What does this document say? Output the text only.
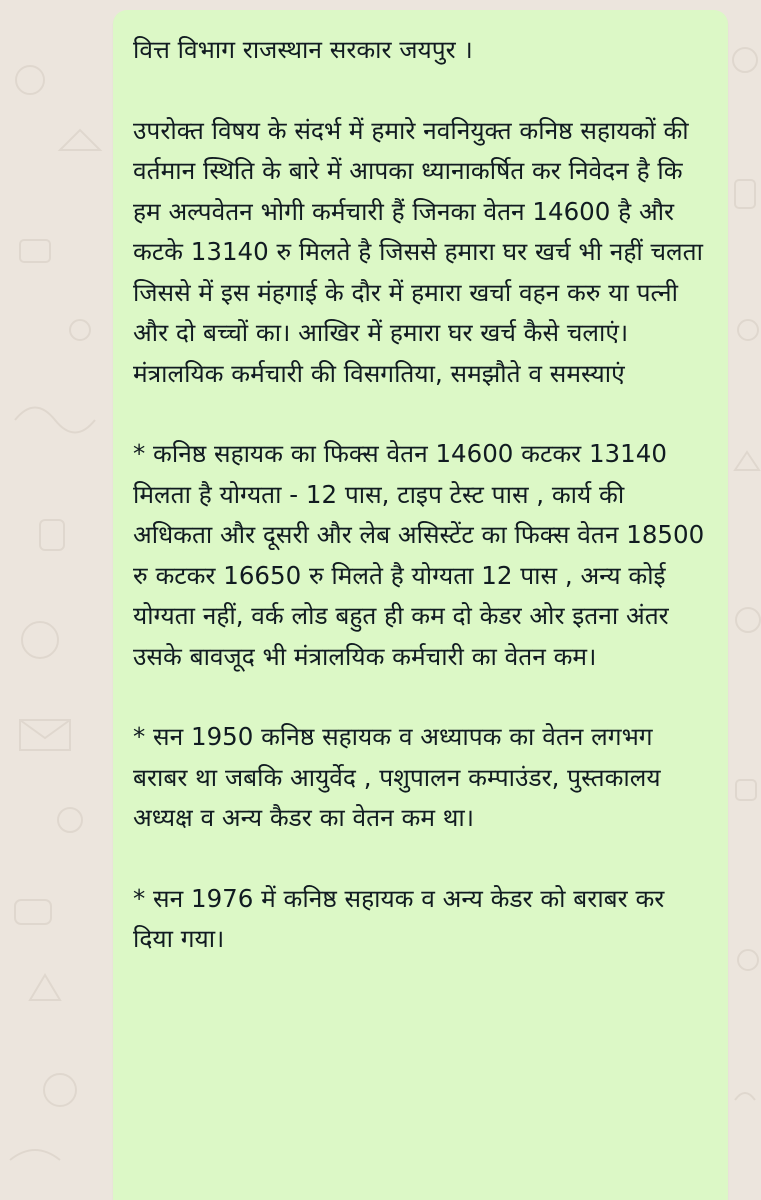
वित्त विभाग राजस्थान सरकार जयपुर ।

उपरोक्त विषय के संदर्भ में हमारे नवनियुक्त कनिष्ठ सहायकों की वर्तमान स्थिति के बारे में आपका ध्यानाकर्षित कर निवेदन है कि हम अल्पवेतन भोगी कर्मचारी हैं जिनका वेतन 14600 है और कटके 13140 रु मिलते है जिससे हमारा घर खर्च भी नहीं चलता जिससे में इस मंहगाई के दौर में हमारा खर्चा वहन करु या पत्नी और दो बच्चों का। आखिर में हमारा घर खर्च कैसे चलाएं। मंत्रालयिक कर्मचारी की विसगतिया, समझौते व समस्याएं

* कनिष्ठ सहायक का फिक्स वेतन 14600 कटकर 13140 मिलता है योग्यता - 12 पास, टाइप टेस्ट पास , कार्य की अधिकता और दूसरी और लेब असिस्टेंट का फिक्स वेतन 18500 रु कटकर 16650 रु मिलते है योग्यता 12 पास , अन्य कोई योग्यता नहीं, वर्क लोड बहुत ही कम दो केडर ओर इतना अंतर उसके बावजूद भी मंत्रालयिक कर्मचारी का वेतन कम।

* सन 1950 कनिष्ठ सहायक व अध्यापक का वेतन लगभग बराबर था जबकि आयुर्वेद , पशुपालन कम्पाउंडर, पुस्तकालय अध्यक्ष व अन्य कैडर का वेतन कम था।

* सन 1976 में कनिष्ठ सहायक व अन्य केडर को बराबर कर दिया गया।
